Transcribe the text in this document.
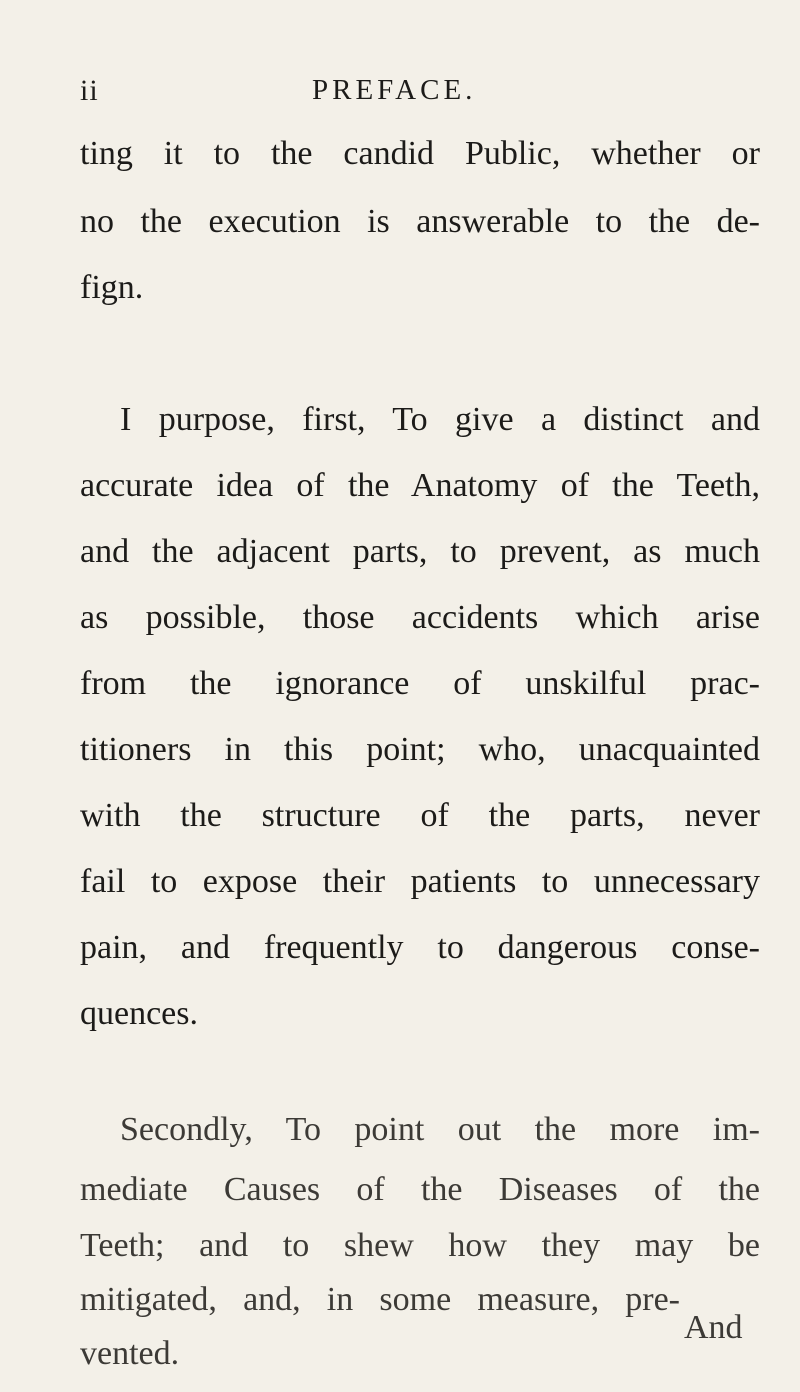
ii	PREFACE.
ting it to the candid Public, whether or
no the execution is answerable to the de-
fign.
I purpose, first, To give a distinct and
accurate idea of the Anatomy of the Teeth,
and the adjacent parts, to prevent, as much
as possible, those accidents which arise
from the ignorance of unskilful prac-
titioners in this point; who, unacquainted
with the structure of the parts, never
fail to expose their patients to unnecessary
pain, and frequently to dangerous conse-
quences.
Secondly, To point out the more im-
mediate Causes of the Diseases of the
Teeth; and to shew how they may be
mitigated, and, in some measure, pre-
vented.
And
